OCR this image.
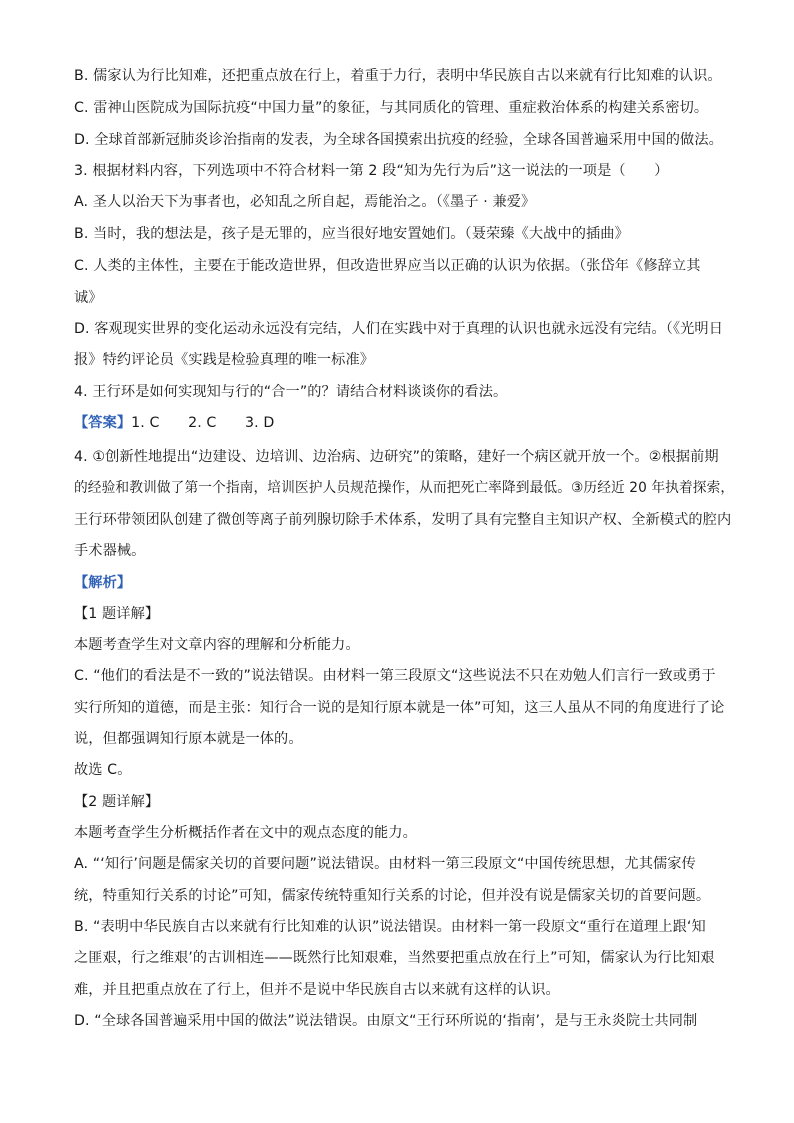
B. 儒家认为行比知难，还把重点放在行上，着重于力行，表明中华民族自古以来就有行比知难的认识。
C. 雷神山医院成为国际抗疫“中国力量”的象征，与其同质化的管理、重症救治体系的构建关系密切。
D. 全球首部新冠肺炎诊治指南的发表，为全球各国摸索出抗疫的经验，全球各国普遍采用中国的做法。
3. 根据材料内容，下列选项中不符合材料一第 2 段“知为先行为后”这一说法的一项是（　　）
A. 圣人以治天下为事者也，必知乱之所自起，焉能治之。（《墨子 · 兼爱》
B. 当时，我的想法是，孩子是无罪的，应当很好地安置她们。（聂荣臻《大战中的插曲》
C. 人类的主体性，主要在于能改造世界，但改造世界应当以正确的认识为依据。（张岱年《修辞立其
诚》
D. 客观现实世界的变化运动永远没有完结，人们在实践中对于真理的认识也就永远没有完结。（《光明日
报》特约评论员《实践是检验真理的唯一标准》
4. 王行环是如何实现知与行的“合一”的？请结合材料谈谈你的看法。
【答案】1. C　　2. C　　3. D
4. ①创新性地提出“边建设、边培训、边治病、边研究”的策略，建好一个病区就开放一个。②根据前期
的经验和教训做了第一个指南，培训医护人员规范操作，从而把死亡率降到最低。③历经近 20 年执着探索，
王行环带领团队创建了微创等离子前列腺切除手术体系，发明了具有完整自主知识产权、全新模式的腔内
手术器械。
【解析】
【1 题详解】
本题考查学生对文章内容的理解和分析能力。
C. “他们的看法是不一致的”说法错误。由材料一第三段原文“这些说法不只在劝勉人们言行一致或勇于
实行所知的道德，而是主张：知行合一说的是知行原本就是一体”可知，这三人虽从不同的角度进行了论
说，但都强调知行原本就是一体的。
故选 C。
【2 题详解】
本题考查学生分析概括作者在文中的观点态度的能力。
A. “‘知行’问题是儒家关切的首要问题”说法错误。由材料一第三段原文“中国传统思想，尤其儒家传
统，特重知行关系的讨论”可知，儒家传统特重知行关系的讨论，但并没有说是儒家关切的首要问题。
B. “表明中华民族自古以来就有行比知难的认识”说法错误。由材料一第一段原文“重行在道理上跟‘知
之匪艰，行之维艰’的古训相连——既然行比知艰难，当然要把重点放在行上”可知，儒家认为行比知艰
难，并且把重点放在了行上，但并不是说中华民族自古以来就有这样的认识。
D. “全球各国普遍采用中国的做法”说法错误。由原文“王行环所说的‘指南’，是与王永炎院士共同制
